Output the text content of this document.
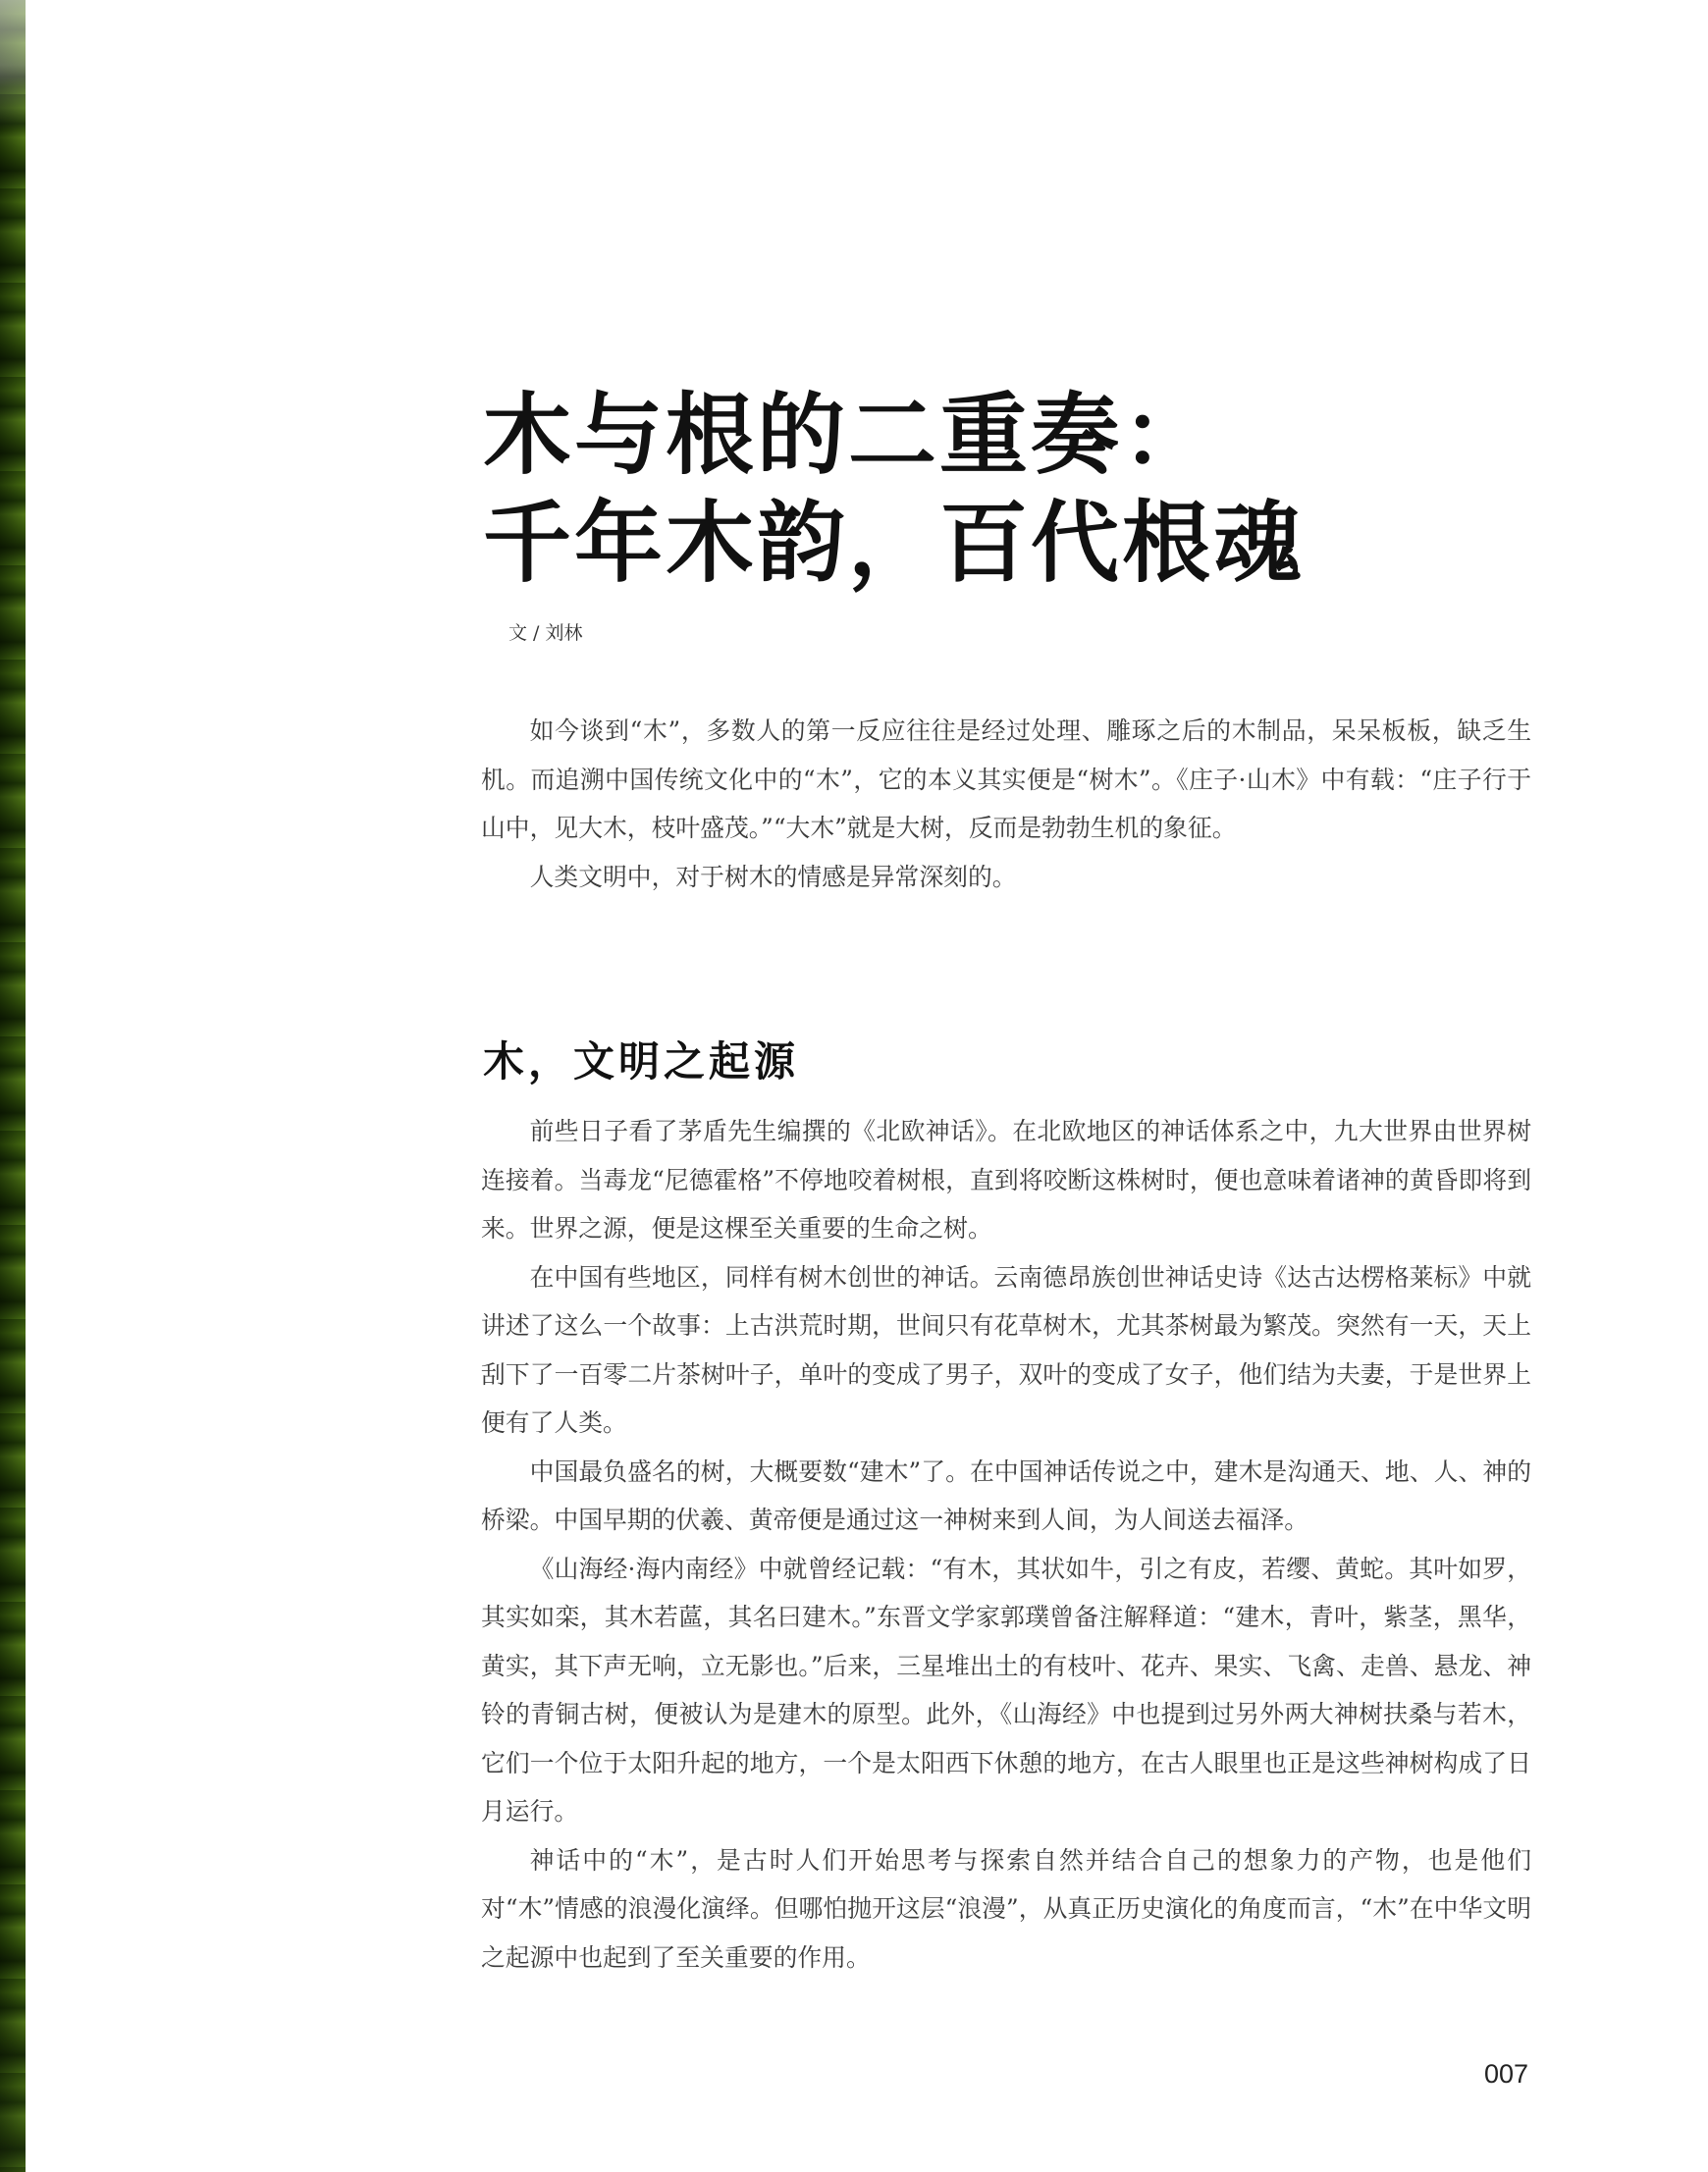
木与根的二重奏：
千年木韵，百代根魂

文 / 刘林

如今谈到“木”，多数人的第一反应往往是经过处理、雕琢之后的木制品，呆呆板板，缺乏生机。而追溯中国传统文化中的“木”，它的本义其实便是“树木”。《庄子·山木》中有载：“庄子行于山中，见大木，枝叶盛茂。”“大木”就是大树，反而是勃勃生机的象征。

人类文明中，对于树木的情感是异常深刻的。

木，文明之起源

前些日子看了茅盾先生编撰的《北欧神话》。在北欧地区的神话体系之中，九大世界由世界树连接着。当毒龙“尼德霍格”不停地咬着树根，直到将咬断这株树时，便也意味着诸神的黄昏即将到来。世界之源，便是这棵至关重要的生命之树。

在中国有些地区，同样有树木创世的神话。云南德昂族创世神话史诗《达古达楞格莱标》中就讲述了这么一个故事：上古洪荒时期，世间只有花草树木，尤其茶树最为繁茂。突然有一天，天上刮下了一百零二片茶树叶子，单叶的变成了男子，双叶的变成了女子，他们结为夫妻，于是世界上便有了人类。

中国最负盛名的树，大概要数“建木”了。在中国神话传说之中，建木是沟通天、地、人、神的桥梁。中国早期的伏羲、黄帝便是通过这一神树来到人间，为人间送去福泽。

《山海经·海内南经》中就曾经记载：“有木，其状如牛，引之有皮，若缨、黄蛇。其叶如罗，其实如栾，其木若蓲，其名曰建木。”东晋文学家郭璞曾备注解释道：“建木，青叶，紫茎，黑华，黄实，其下声无响，立无影也。”后来，三星堆出土的有枝叶、花卉、果实、飞禽、走兽、悬龙、神铃的青铜古树，便被认为是建木的原型。此外，《山海经》中也提到过另外两大神树扶桑与若木，它们一个位于太阳升起的地方，一个是太阳西下休憩的地方，在古人眼里也正是这些神树构成了日月运行。

神话中的“木”，是古时人们开始思考与探索自然并结合自己的想象力的产物，也是他们对“木”情感的浪漫化演绎。但哪怕抛开这层“浪漫”，从真正历史演化的角度而言，“木”在中华文明之起源中也起到了至关重要的作用。

007
